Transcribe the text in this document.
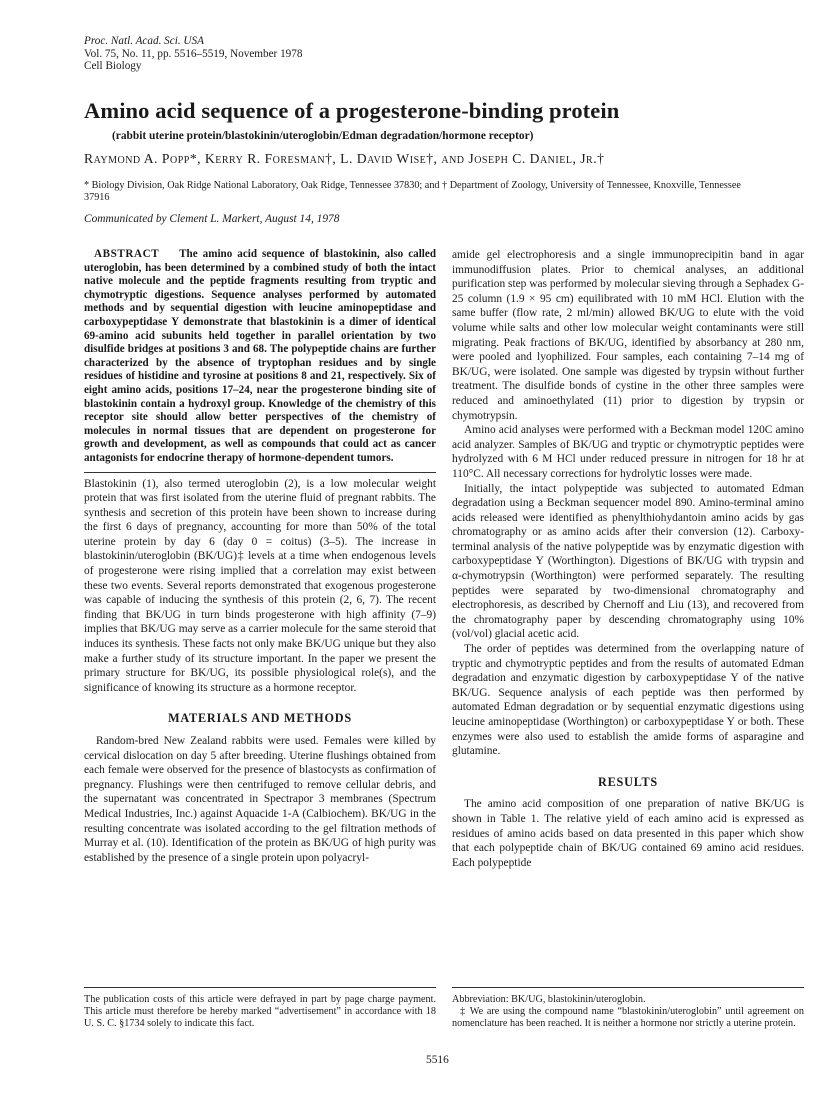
Proc. Natl. Acad. Sci. USA
Vol. 75, No. 11, pp. 5516–5519, November 1978
Cell Biology
Amino acid sequence of a progesterone-binding protein
(rabbit uterine protein/blastokinin/uteroglobin/Edman degradation/hormone receptor)
Raymond A. Popp*, Kerry R. Foresman†, L. David Wise†, and Joseph C. Daniel, Jr.†
* Biology Division, Oak Ridge National Laboratory, Oak Ridge, Tennessee 37830; and † Department of Zoology, University of Tennessee, Knoxville, Tennessee 37916
Communicated by Clement L. Markert, August 14, 1978

ABSTRACT The amino acid sequence of blastokinin, also called uteroglobin, has been determined by a combined study of both the intact native molecule and the peptide fragments resulting from tryptic and chymotryptic digestions. Sequence analyses performed by automated methods and by sequential digestion with leucine aminopeptidase and carboxypeptidase Y demonstrate that blastokinin is a dimer of identical 69-amino acid subunits held together in parallel orientation by two disulfide bridges at positions 3 and 68. The polypeptide chains are further characterized by the absence of tryptophan residues and by single residues of histidine and tyrosine at positions 8 and 21, respectively. Six of eight amino acids, positions 17–24, near the progesterone binding site of blastokinin contain a hydroxyl group. Knowledge of the chemistry of this receptor site should allow better perspectives of the chemistry of molecules in normal tissues that are dependent on progesterone for growth and development, as well as compounds that could act as cancer antagonists for endocrine therapy of hormone-dependent tumors.

Blastokinin (1), also termed uteroglobin (2), is a low molecular weight protein that was first isolated from the uterine fluid of pregnant rabbits. The synthesis and secretion of this protein have been shown to increase during the first 6 days of pregnancy, accounting for more than 50% of the total uterine protein by day 6 (day 0 = coitus) (3–5). The increase in blastokinin/uteroglobin (BK/UG)‡ levels at a time when endogenous levels of progesterone were rising implied that a correlation may exist between these two events. Several reports demonstrated that exogenous progesterone was capable of inducing the synthesis of this protein (2, 6, 7). The recent finding that BK/UG in turn binds progesterone with high affinity (7–9) implies that BK/UG may serve as a carrier molecule for the same steroid that induces its synthesis. These facts not only make BK/UG unique but they also make a further study of its structure important. In the paper we present the primary structure for BK/UG, its possible physiological role(s), and the significance of knowing its structure as a hormone receptor.

MATERIALS AND METHODS

Random-bred New Zealand rabbits were used. Females were killed by cervical dislocation on day 5 after breeding. Uterine flushings obtained from each female were observed for the presence of blastocysts as confirmation of pregnancy. Flushings were then centrifuged to remove cellular debris, and the supernatant was concentrated in Spectrapor 3 membranes (Spectrum Medical Industries, Inc.) against Aquacide 1-A (Calbiochem). BK/UG in the resulting concentrate was isolated according to the gel filtration methods of Murray et al. (10). Identification of the protein as BK/UG of high purity was established by the presence of a single protein upon polyacryl-

amide gel electrophoresis and a single immunoprecipitin band in agar immunodiffusion plates. Prior to chemical analyses, an additional purification step was performed by molecular sieving through a Sephadex G-25 column (1.9 × 95 cm) equilibrated with 10 mM HCl. Elution with the same buffer (flow rate, 2 ml/min) allowed BK/UG to elute with the void volume while salts and other low molecular weight contaminants were still migrating. Peak fractions of BK/UG, identified by absorbancy at 280 nm, were pooled and lyophilized. Four samples, each containing 7–14 mg of BK/UG, were isolated. One sample was digested by trypsin without further treatment. The disulfide bonds of cystine in the other three samples were reduced and aminoethylated (11) prior to digestion by trypsin or chymotrypsin.

Amino acid analyses were performed with a Beckman model 120C amino acid analyzer. Samples of BK/UG and tryptic or chymotryptic peptides were hydrolyzed with 6 M HCl under reduced pressure in nitrogen for 18 hr at 110°C. All necessary corrections for hydrolytic losses were made.

Initially, the intact polypeptide was subjected to automated Edman degradation using a Beckman sequencer model 890. Amino-terminal amino acids released were identified as phenylthiohydantoin amino acids by gas chromatography or as amino acids after their conversion (12). Carboxy-terminal analysis of the native polypeptide was by enzymatic digestion with carboxypeptidase Y (Worthington). Digestions of BK/UG with trypsin and α-chymotrypsin (Worthington) were performed separately. The resulting peptides were separated by two-dimensional chromatography and electrophoresis, as described by Chernoff and Liu (13), and recovered from the chromatography paper by descending chromatography using 10% (vol/vol) glacial acetic acid.

The order of peptides was determined from the overlapping nature of tryptic and chymotryptic peptides and from the results of automated Edman degradation and enzymatic digestion by carboxypeptidase Y of the native BK/UG. Sequence analysis of each peptide was then performed by automated Edman degradation or by sequential enzymatic digestions using leucine aminopeptidase (Worthington) or carboxypeptidase Y or both. These enzymes were also used to establish the amide forms of asparagine and glutamine.

RESULTS

The amino acid composition of one preparation of native BK/UG is shown in Table 1. The relative yield of each amino acid is expressed as residues of amino acids based on data presented in this paper which show that each polypeptide chain of BK/UG contained 69 amino acid residues. Each polypeptide

The publication costs of this article were defrayed in part by page charge payment. This article must therefore be hereby marked “advertisement” in accordance with 18 U. S. C. §1734 solely to indicate this fact.

Abbreviation: BK/UG, blastokinin/uteroglobin.

‡ We are using the compound name “blastokinin/uteroglobin” until agreement on nomenclature has been reached. It is neither a hormone nor strictly a uterine protein.

5516
